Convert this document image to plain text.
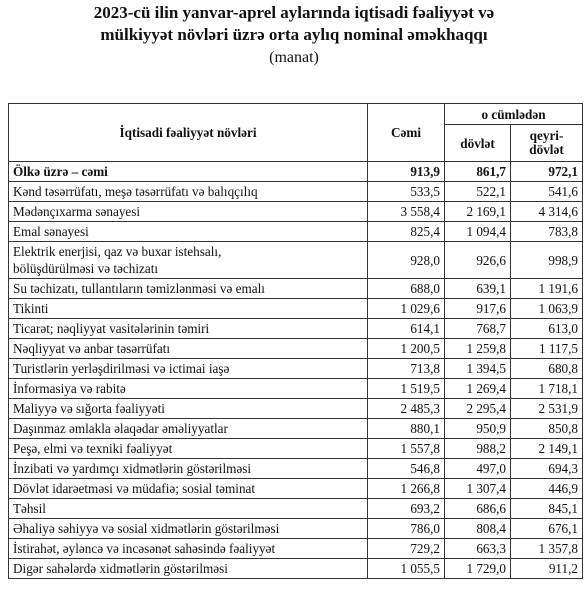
2023-cü ilin yanvar-aprel aylarında iqtisadi fəaliyyət və
mülkiyyət növləri üzrə orta aylıq nominal əməkhaqqı
(manat)
İqtisadi fəaliyyət növləri	Cəmi	o cümlədən	
		dövlət	qeyri-
dövlət

Ölkə üzrə – cəmi	913,9	861,7	972,1
Kənd təsərrüfatı, meşə təsərrüfatı və balıqçılıq	533,5	522,1	541,6
Mədənçıxarma sənayesi	3 558,4	2 169,1	4 314,6
Emal sənayesi	825,4	1 094,4	783,8

Elektrik enerjisi, qaz və buxar istehsalı,
bölüşdürülməsi və təchizatı	928,0	926,6	998,9
Su təchizatı, tullantıların təmizlənməsi və emalı	688,0	639,1	1 191,6
Tikinti	1 029,6	917,6	1 063,9
Ticarət; nəqliyyat vasitələrinin təmiri	614,1	768,7	613,0
Nəqliyyat və anbar təsərrüfatı	1 200,5	1 259,8	1 117,5
Turistlərin yerləşdirilməsi və ictimai iaşə	713,8	1 394,5	680,8
İnformasiya və rabitə	1 519,5	1 269,4	1 718,1
Maliyyə və sığorta fəaliyyəti	2 485,3	2 295,4	2 531,9
Daşınmaz əmlakla əlaqədar əməliyyatlar	880,1	950,9	850,8
Peşə, elmi və texniki fəaliyyət	1 557,8	988,2	2 149,1
İnzibati və yardımçı xidmətlərin göstərilməsi	546,8	497,0	694,3
Dövlət idarəetməsi və müdafiə; sosial təminat	1 266,8	1 307,4	446,9
Təhsil	693,2	686,6	845,1
Əhaliyə səhiyyə və sosial xidmətlərin göstərilməsi	786,0	808,4	676,1
İstirahət, əyləncə və incəsənət sahəsində fəaliyyət	729,2	663,3	1 357,8
Digər sahələrdə xidmətlərin göstərilməsi	1 055,5	1 729,0	911,2
